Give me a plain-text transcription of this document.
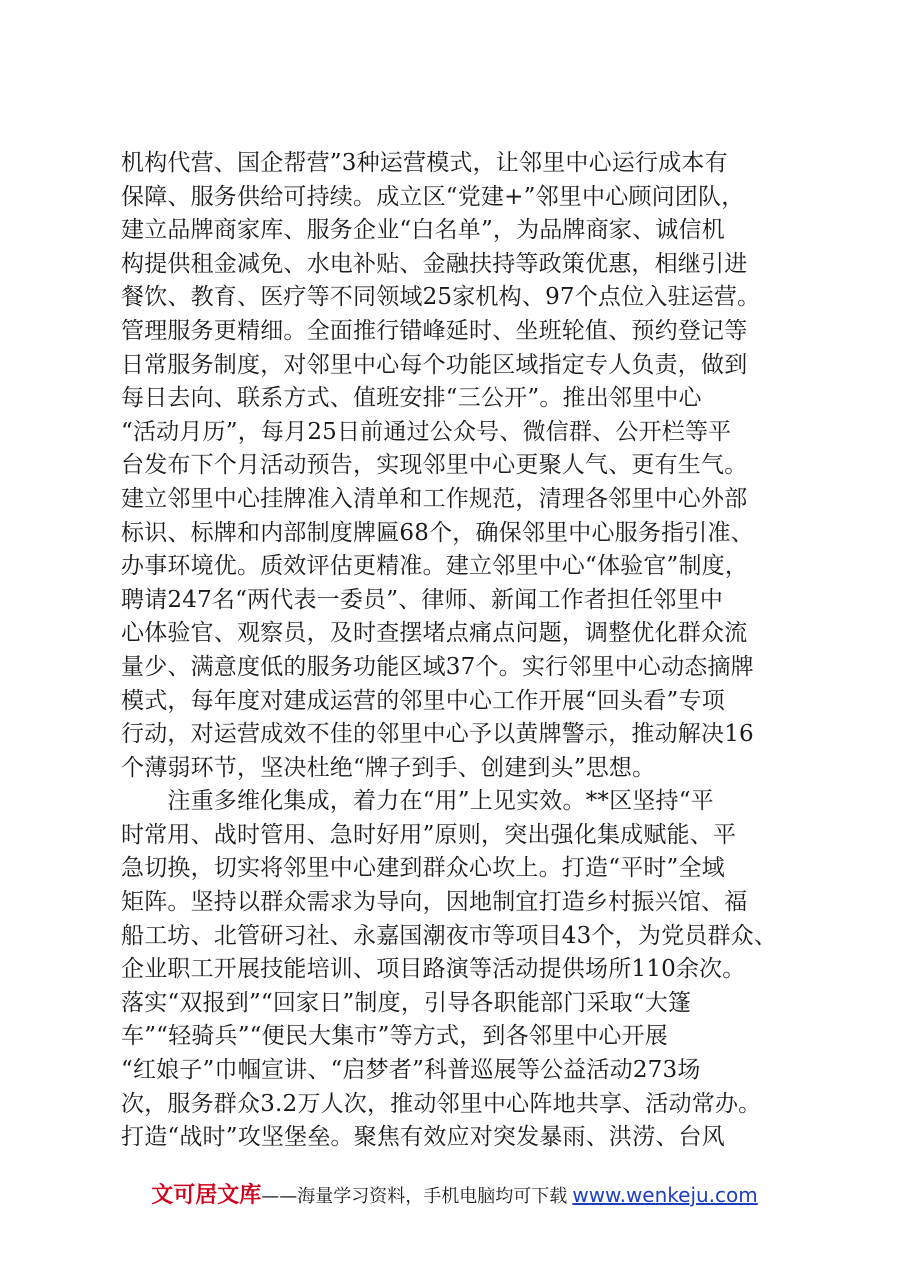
机构代营、国企帮营”3种运营模式，让邻里中心运行成本有
保障、服务供给可持续。成立区“党建+”邻里中心顾问团队，
建立品牌商家库、服务企业“白名单”，为品牌商家、诚信机
构提供租金减免、水电补贴、金融扶持等政策优惠，相继引进
餐饮、教育、医疗等不同领域25家机构、97个点位入驻运营。
管理服务更精细。全面推行错峰延时、坐班轮值、预约登记等
日常服务制度，对邻里中心每个功能区域指定专人负责，做到
每日去向、联系方式、值班安排“三公开”。推出邻里中心
“活动月历”，每月25日前通过公众号、微信群、公开栏等平
台发布下个月活动预告，实现邻里中心更聚人气、更有生气。
建立邻里中心挂牌准入清单和工作规范，清理各邻里中心外部
标识、标牌和内部制度牌匾68个，确保邻里中心服务指引准、
办事环境优。质效评估更精准。建立邻里中心“体验官”制度，
聘请247名“两代表一委员”、律师、新闻工作者担任邻里中
心体验官、观察员，及时查摆堵点痛点问题，调整优化群众流
量少、满意度低的服务功能区域37个。实行邻里中心动态摘牌
模式，每年度对建成运营的邻里中心工作开展“回头看”专项
行动，对运营成效不佳的邻里中心予以黄牌警示，推动解决16
个薄弱环节，坚决杜绝“牌子到手、创建到头”思想。
　　注重多维化集成，着力在“用”上见实效。**区坚持“平
时常用、战时管用、急时好用”原则，突出强化集成赋能、平
急切换，切实将邻里中心建到群众心坎上。打造“平时”全域
矩阵。坚持以群众需求为导向，因地制宜打造乡村振兴馆、福
船工坊、北管研习社、永嘉国潮夜市等项目43个，为党员群众、
企业职工开展技能培训、项目路演等活动提供场所110余次。
落实“双报到”“回家日”制度，引导各职能部门采取“大篷
车”“轻骑兵”“便民大集市”等方式，到各邻里中心开展
“红娘子”巾帼宣讲、“启梦者”科普巡展等公益活动273场
次，服务群众3.2万人次，推动邻里中心阵地共享、活动常办。
打造“战时”攻坚堡垒。聚焦有效应对突发暴雨、洪涝、台风
文可居文库——海量学习资料，手机电脑均可下载 www.wenkeju.com
